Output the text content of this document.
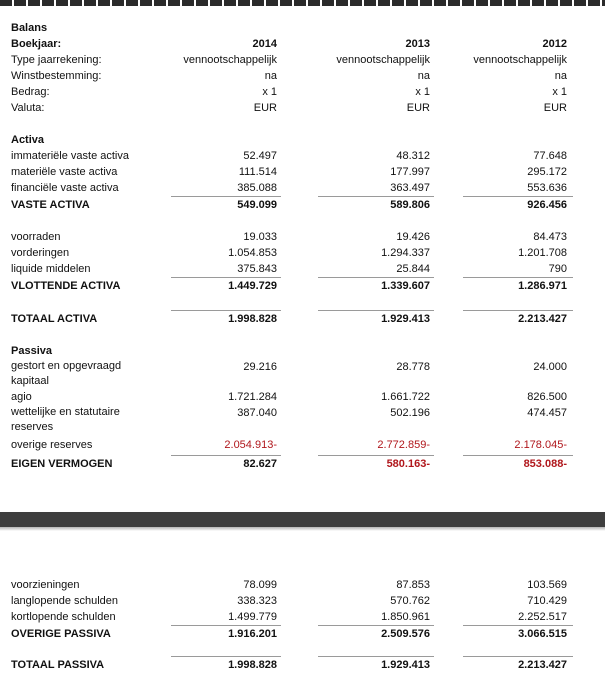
Balans
Boekjaar:	2014	2013	2012
Type jaarrekening:	vennootschappelijk	vennootschappelijk	vennootschappelijk
Winstbestemming:	na	na	na
Bedrag:	x 1	x 1	x 1
Valuta:	EUR	EUR	EUR
Activa
immateriële vaste activa	52.497	48.312	77.648
materiële vaste activa	111.514	177.997	295.172
financiële vaste activa	385.088	363.497	553.636
VASTE ACTIVA	549.099	589.806	926.456
voorraden	19.033	19.426	84.473
vorderingen	1.054.853	1.294.337	1.201.708
liquide middelen	375.843	25.844	790
VLOTTENDE ACTIVA	1.449.729	1.339.607	1.286.971
TOTAAL ACTIVA	1.998.828	1.929.413	2.213.427
Passiva
gestort en opgevraagd kapitaal
29.216	28.778	24.000
agio	1.721.284	1.661.722	826.500
wettelijke en statutaire reserves
387.040	502.196	474.457
overige reserves	2.054.913-	2.772.859-	2.178.045-
EIGEN VERMOGEN	82.627	580.163-	853.088-
voorzieningen	78.099	87.853	103.569
langlopende schulden	338.323	570.762	710.429
kortlopende schulden	1.499.779	1.850.961	2.252.517
OVERIGE PASSIVA	1.916.201	2.509.576	3.066.515
TOTAAL PASSIVA	1.998.828	1.929.413	2.213.427
